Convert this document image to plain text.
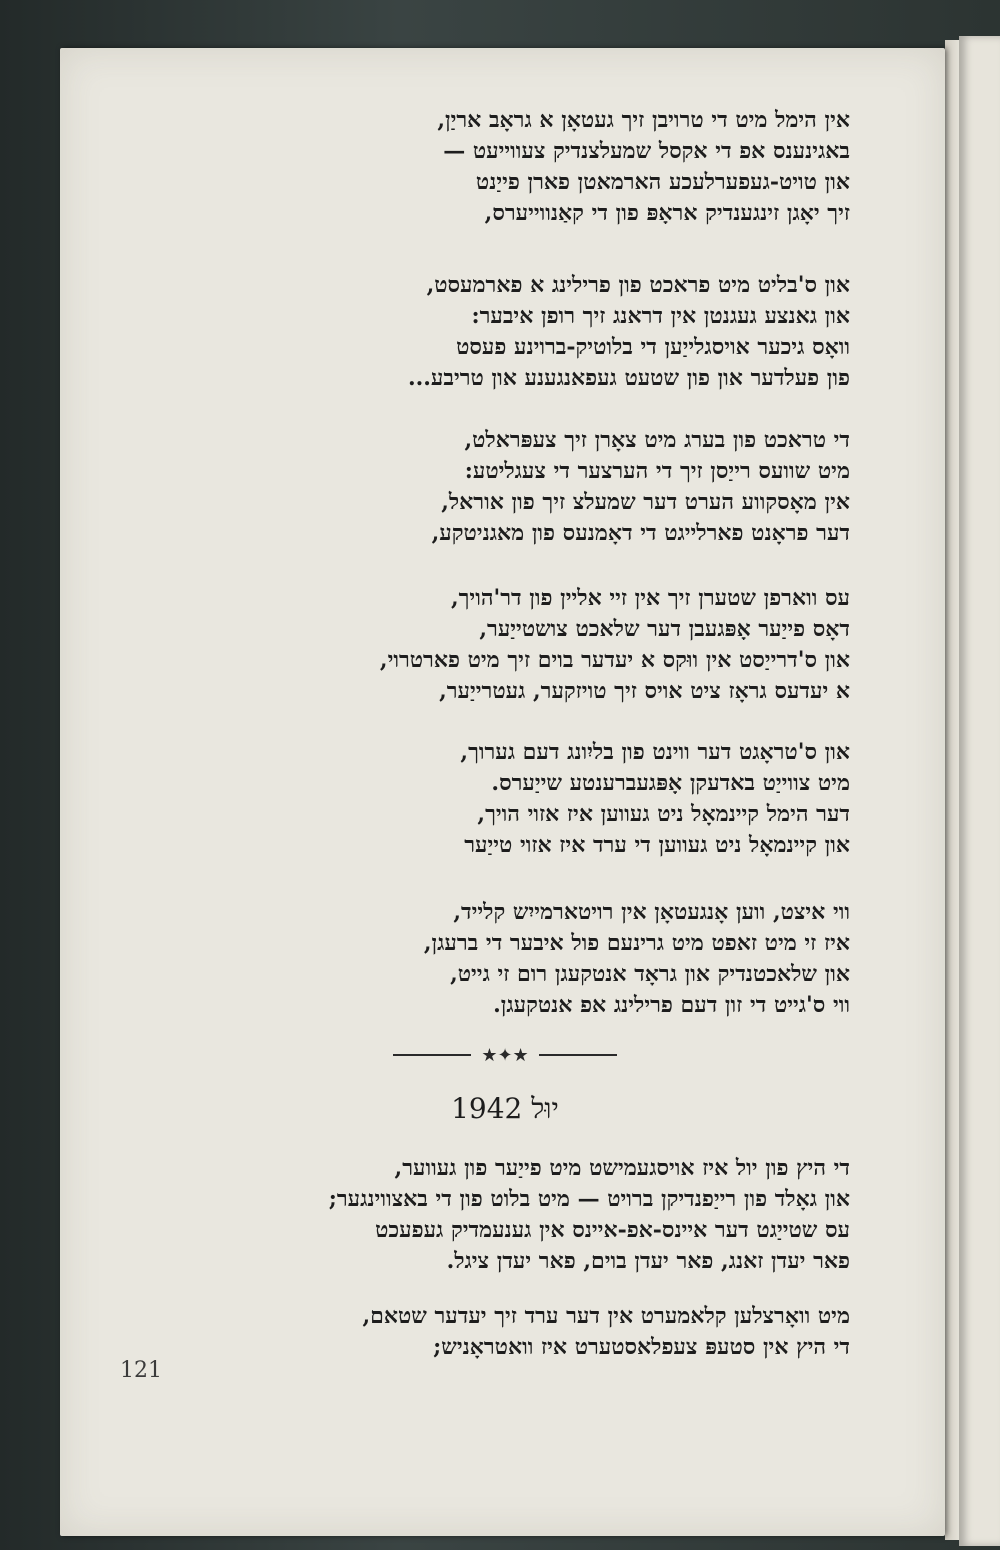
אין הימל מיט די טרויבן זיך געטאָן א גראָב אריַן,
באגינענס אפ די אקסל שמעלצנדיק צעווייעט —
און טויט-געפערלעכע הארמאטן פארן פייַנט
זיך יאָגן זינגענדיק אראָפּ פון די קאַנווייערס,
און ס'בליט מיט פראכט פון פרילינג א פארמעסט,
און גאנצע געגנטן אין דראנג זיך רופן איבער:
וואָס גיכער אויסגלייַען די בלוטיק-ברוינע פעסט
פון פעלדער און פון שטעט געפאנגענע און טריבע...
די טראכט פון בערג מיט צאָרן זיך צעפּראלט,
מיט שוועס רייַסן זיך די הערצער די צעגליטע:
אין מאָסקווע הערט דער שמעלצ זיך פון אוראל,
דער פראָנט פארלייגט די דאָמנעס פון מאגניטקע,
עס ווארפן שטערן זיך אין זיי אליין פון דר'הויך,
דאָס פייַער אָפּגעבן דער שלאכט צושטייַער,
און ס'דרייַסט אין ווּקס א יעדער בוים זיך מיט פארטרוי,
א יעדעס גראָז ציט אויס זיך טויזקער, געטרייַער,
און ס'טראָגט דער ווינט פון בליִונג דעם גערוך,
מיט צווייַט באדעקן אָפּגעברענטע שייַערס.
דער הימל קיינמאָל ניט געווען איז אזוי הויך,
און קיינמאָל ניט געווען די ערד איז אזוי טייַער
ווי איצט, ווען אָנגעטאָן אין רויטארמייִש קלייד,
איז זי מיט זאפט מיט גרינעם פול איבער די ברעגן,
און שלאכטנדיק און גראָד אנטקעגן רום זי גייט,
ווי ס'גייט די זון דעם פרילינג אפ אנטקעגן.
★✦★
יוּל 1942
די היץ פון יול איז אויסגעמישט מיט פייַער פון געווער,
און גאָלד פון רייַפנדיקן ברויט — מיט בלוט פון די באצווינגער;
עס שטייַגט דער איינס-אפ-איינס אין גענעמדיק געפעכט
פאר יעדן זאנג, פאר יעדן בוים, פאר יעדן ציגל.
מיט וואָרצלען קלאמערט אין דער ערד זיך יעדער שטאם,
די היץ אין סטעפּ צעפלאסטערט איז וואטראָניש;
121
